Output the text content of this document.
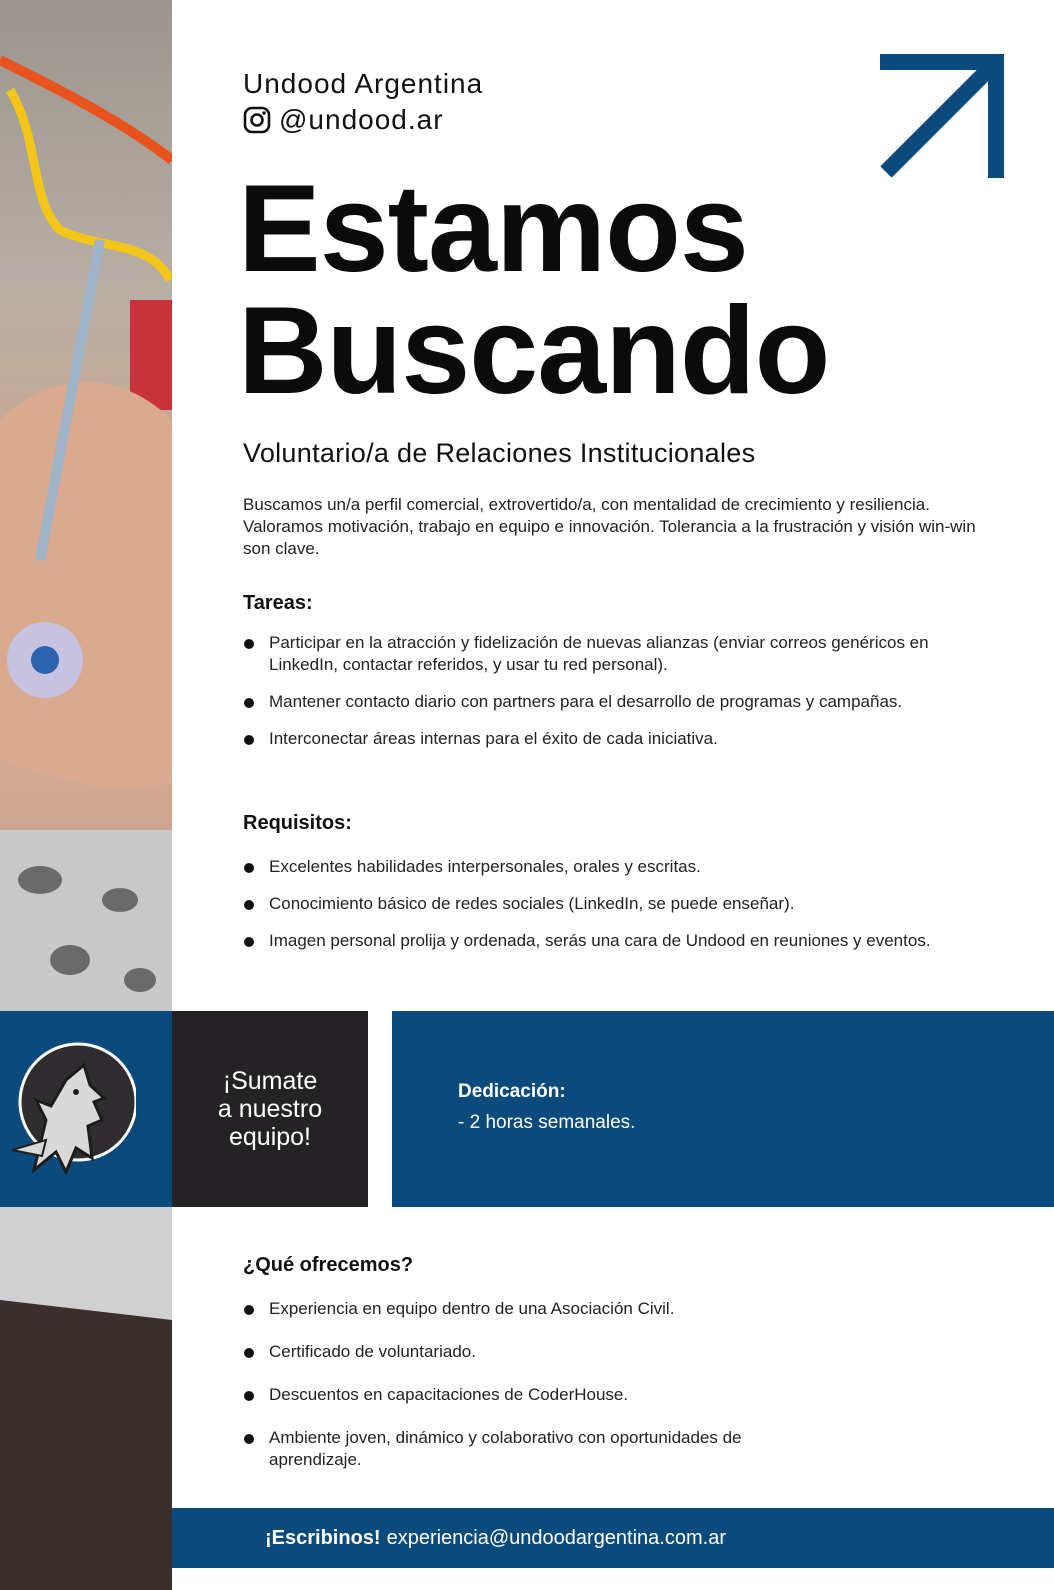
Undood Argentina
@undood.ar
Estamos
Buscando
Voluntario/a de Relaciones Institucionales
Buscamos un/a perfil comercial, extrovertido/a, con mentalidad de crecimiento y resiliencia. Valoramos motivación, trabajo en equipo e innovación. Tolerancia a la frustración y visión win-win son clave.
Tareas:
Participar en la atracción y fidelización de nuevas alianzas (enviar correos genéricos en LinkedIn, contactar referidos, y usar tu red personal).
Mantener contacto diario con partners para el desarrollo de programas y campañas.
Interconectar áreas internas para el éxito de cada iniciativa.
Requisitos:
Excelentes habilidades interpersonales, orales y escritas.
Conocimiento básico de redes sociales (LinkedIn, se puede enseñar).
Imagen personal prolija y ordenada, serás una cara de Undood en reuniones y eventos.
¡Sumate
a nuestro
equipo!
Dedicación:
- 2 horas semanales.
¿Qué ofrecemos?
Experiencia en equipo dentro de una Asociación Civil.
Certificado de voluntariado.
Descuentos en capacitaciones de CoderHouse.
Ambiente joven, dinámico y colaborativo con oportunidades de aprendizaje.
¡Escribinos! experiencia@undoodargentina.com.ar
